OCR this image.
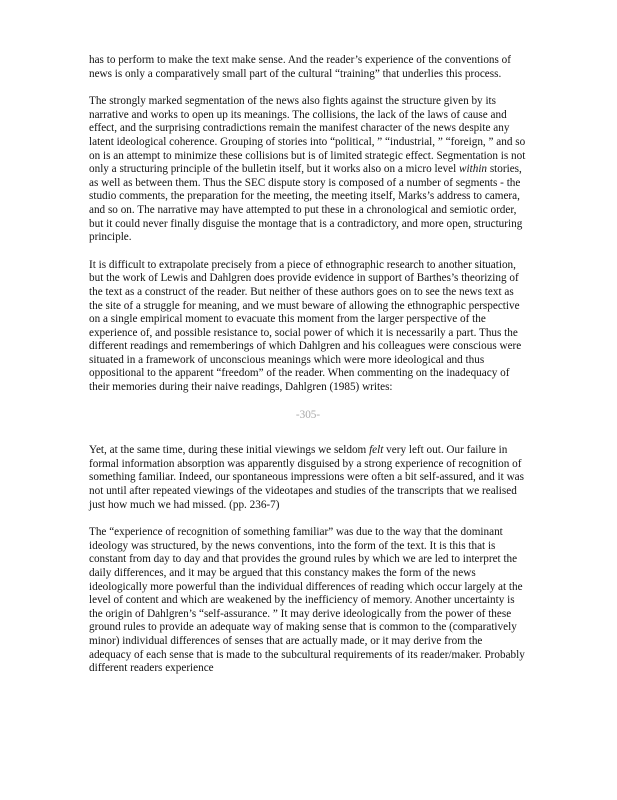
has to perform to make the text make sense. And the reader’s experience of the conventions of news is only a comparatively small part of the cultural “training” that underlies this process.

The strongly marked segmentation of the news also fights against the structure given by its narrative and works to open up its meanings. The collisions, the lack of the laws of cause and effect, and the surprising contradictions remain the manifest character of the news despite any latent ideological coherence. Grouping of stories into “political, ” “industrial, ” “foreign, ” and so on is an attempt to minimize these collisions but is of limited strategic effect. Segmentation is not only a structuring principle of the bulletin itself, but it works also on a micro level within stories, as well as between them. Thus the SEC dispute story is composed of a number of segments - the studio comments, the preparation for the meeting, the meeting itself, Marks’s address to camera, and so on. The narrative may have attempted to put these in a chronological and semiotic order, but it could never finally disguise the montage that is a contradictory, and more open, structuring principle.

It is difficult to extrapolate precisely from a piece of ethnographic research to another situation, but the work of Lewis and Dahlgren does provide evidence in support of Barthes’s theorizing of the text as a construct of the reader. But neither of these authors goes on to see the news text as the site of a struggle for meaning, and we must beware of allowing the ethnographic perspective on a single empirical moment to evacuate this moment from the larger perspective of the experience of, and possible resistance to, social power of which it is necessarily a part. Thus the different readings and rememberings of which Dahlgren and his colleagues were conscious were situated in a framework of unconscious meanings which were more ideological and thus oppositional to the apparent “freedom” of the reader. When commenting on the inadequacy of their memories during their naive readings, Dahlgren (1985) writes:

-305-

Yet, at the same time, during these initial viewings we seldom felt very left out. Our failure in formal information absorption was apparently disguised by a strong experience of recognition of something familiar. Indeed, our spontaneous impressions were often a bit self-assured, and it was not until after repeated viewings of the videotapes and studies of the transcripts that we realised just how much we had missed. (pp. 236-7)

The “experience of recognition of something familiar” was due to the way that the dominant ideology was structured, by the news conventions, into the form of the text. It is this that is constant from day to day and that provides the ground rules by which we are led to interpret the daily differences, and it may be argued that this constancy makes the form of the news ideologically more powerful than the individual differences of reading which occur largely at the level of content and which are weakened by the inefficiency of memory. Another uncertainty is the origin of Dahlgren’s “self-assurance. ” It may derive ideologically from the power of these ground rules to provide an adequate way of making sense that is common to the (comparatively minor) individual differences of senses that are actually made, or it may derive from the adequacy of each sense that is made to the subcultural requirements of its reader/maker. Probably different readers experience
